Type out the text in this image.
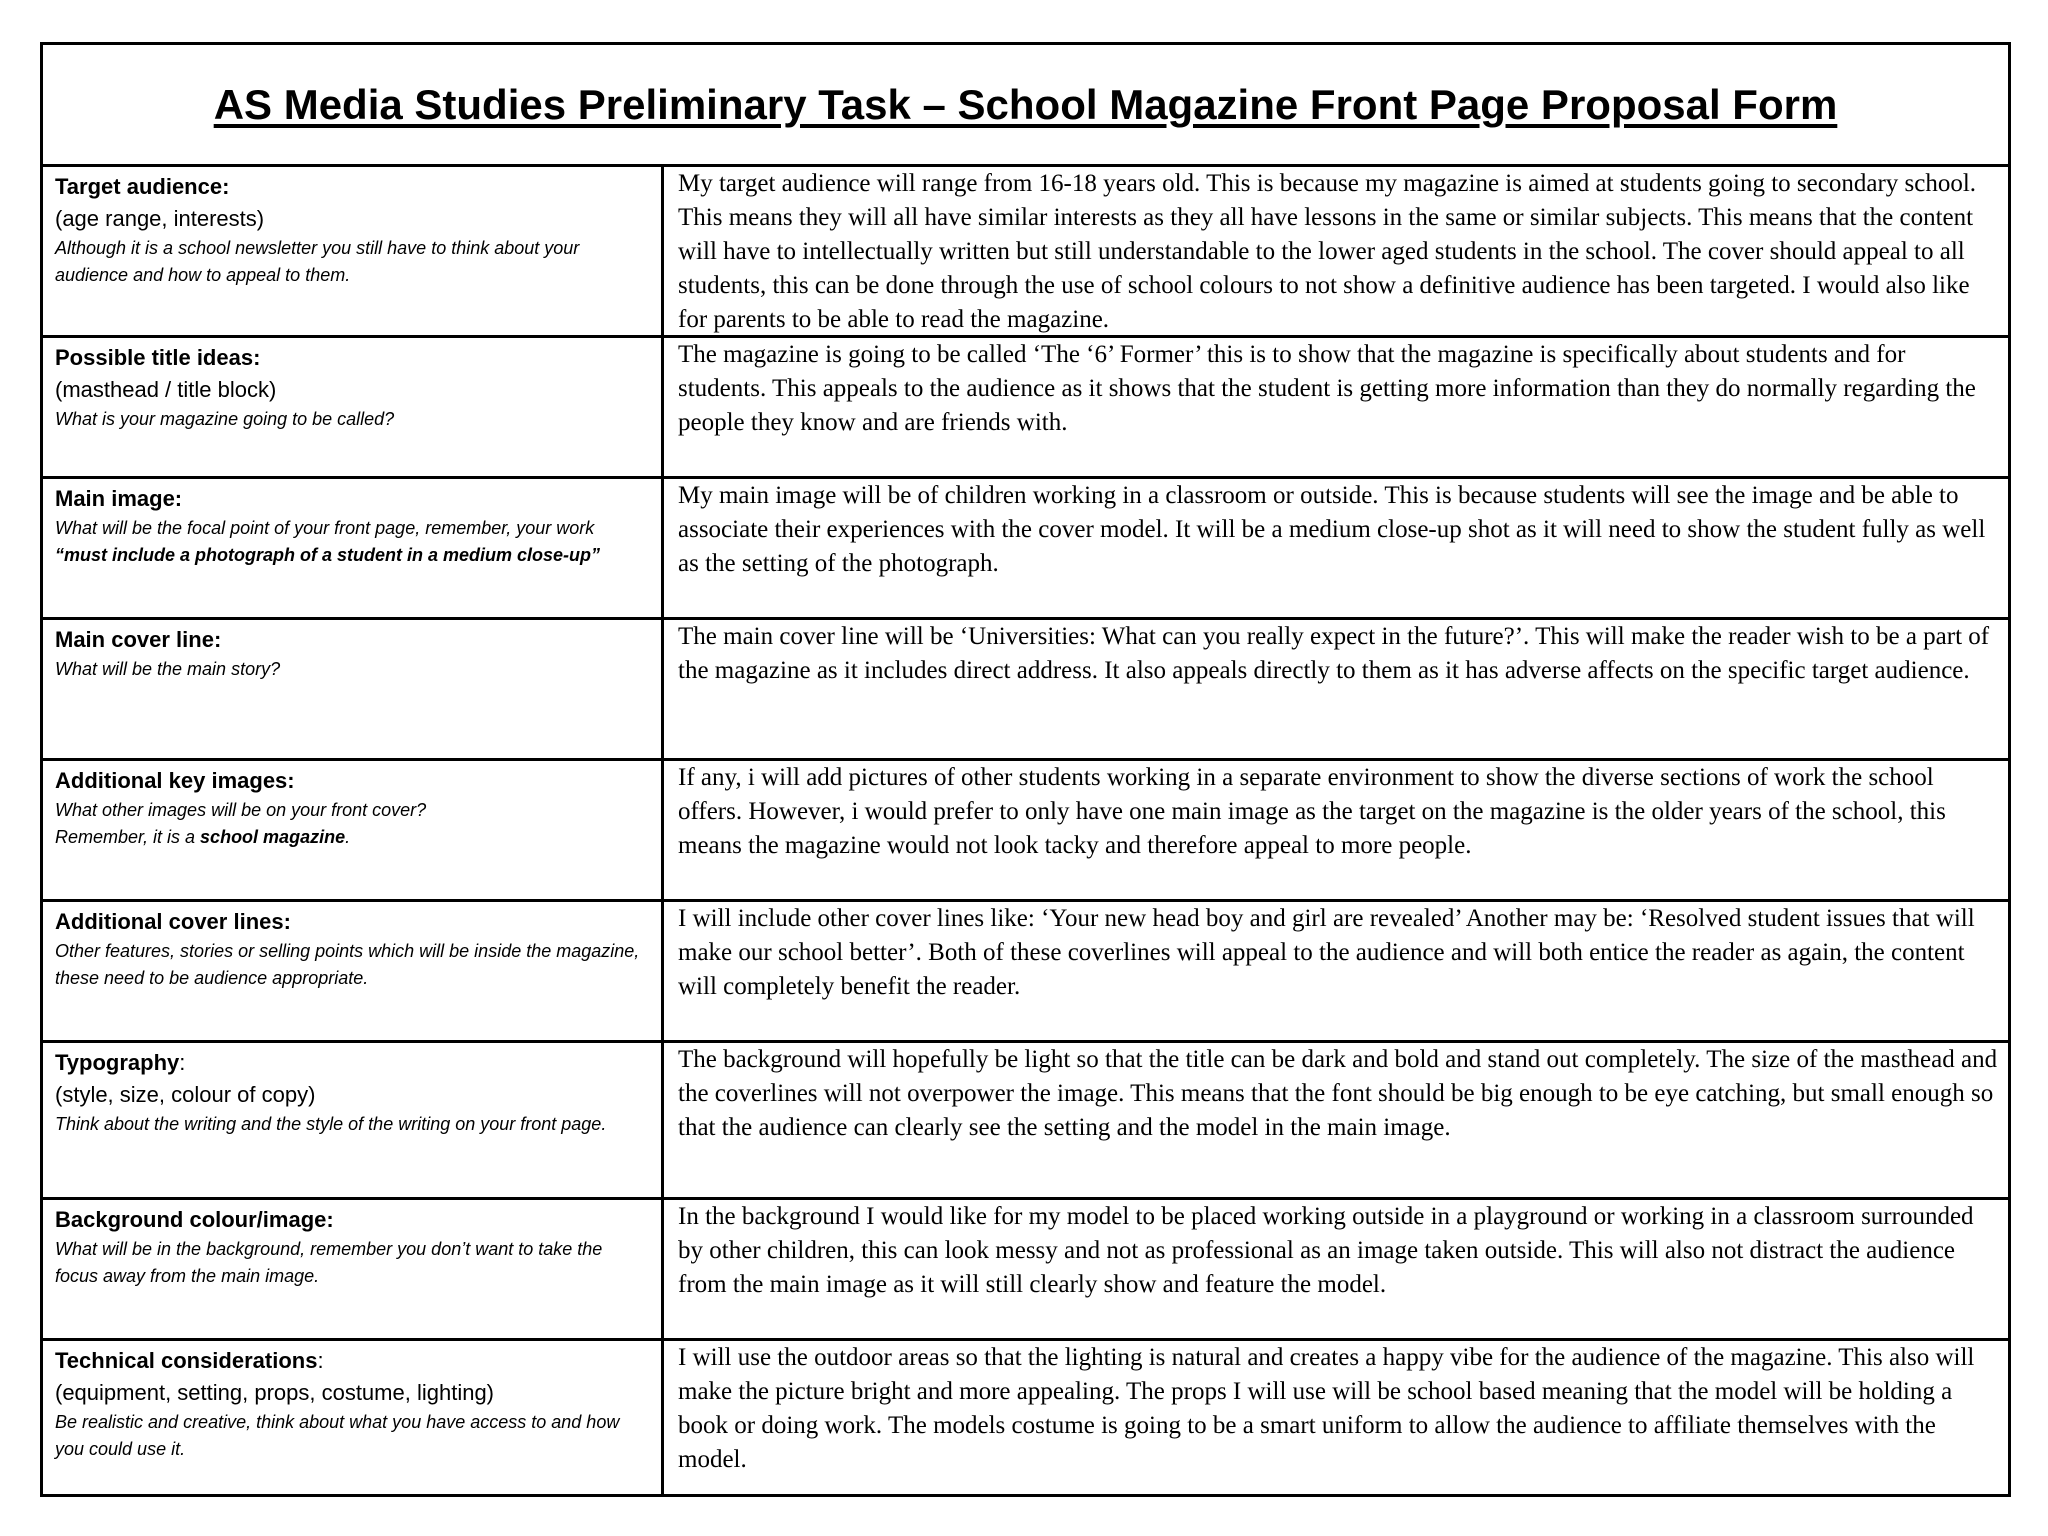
AS Media Studies Preliminary Task – School Magazine Front Page Proposal Form
Target audience:
(age range, interests)
Although it is a school newsletter you still have to think about your audience and how to appeal to them.
My target audience will range from 16-18 years old. This is because my magazine is aimed at students going to secondary school. This means they will all have similar interests as they all have lessons in the same or similar subjects. This means that the content will have to intellectually written but still understandable to the lower aged students in the school. The cover should appeal to all students, this can be done through the use of school colours to not show a definitive audience has been targeted. I would also like for parents to be able to read the magazine.
Possible title ideas:
(masthead / title block)
What is your magazine going to be called?
The magazine is going to be called ‘The ‘6’ Former’ this is to show that the magazine is specifically about students and for students. This appeals to the audience as it shows that the student is getting more information than they do normally regarding the people they know and are friends with.
Main image:
What will be the focal point of your front page, remember, your work “must include a photograph of a student in a medium close-up”
My main image will be of children working in a classroom or outside. This is because students will see the image and be able to associate their experiences with the cover model. It will be a medium close-up shot as it will need to show the student fully as well as the setting of the photograph.
Main cover line:
What will be the main story?
The main cover line will be ‘Universities: What can you really expect in the future?’. This will make the reader wish to be a part of the magazine as it includes direct address. It also appeals directly to them as it has adverse affects on the specific target audience.
Additional key images:
What other images will be on your front cover?
Remember, it is a school magazine.
If any, i will add pictures of other students working in a separate environment to show the diverse sections of work the school offers. However, i would prefer to only have one main image as the target on the magazine is the older years of the school, this means the magazine would not look tacky and therefore appeal to more people.
Additional cover lines:
Other features, stories or selling points which will be inside the magazine, these need to be audience appropriate.
I will include other cover lines like: ‘Your new head boy and girl are revealed’ Another may be: ‘Resolved student issues that will make our school better’. Both of these coverlines will appeal to the audience and will both entice the reader as again, the content will completely benefit the reader.
Typography:
(style, size, colour of copy)
Think about the writing and the style of the writing on your front page.
The background will hopefully be light so that the title can be dark and bold and stand out completely. The size of the masthead and the coverlines will not overpower the image. This means that the font should be big enough to be eye catching, but small enough so that the audience can clearly see the setting and the model in the main image.
Background colour/image:
What will be in the background, remember you don’t want to take the focus away from the main image.
In the background I would like for my model to be placed working outside in a playground or working in a classroom surrounded by other children, this can look messy and not as professional as an image taken outside. This will also not distract the audience from the main image as it will still clearly show and feature the model.
Technical considerations:
(equipment, setting, props, costume, lighting)
Be realistic and creative, think about what you have access to and how you could use it.
I will use the outdoor areas so that the lighting is natural and creates a happy vibe for the audience of the magazine. This also will make the picture bright and more appealing. The props I will use will be school based meaning that the model will be holding a book or doing work. The models costume is going to be a smart uniform to allow the audience to affiliate themselves with the model.
